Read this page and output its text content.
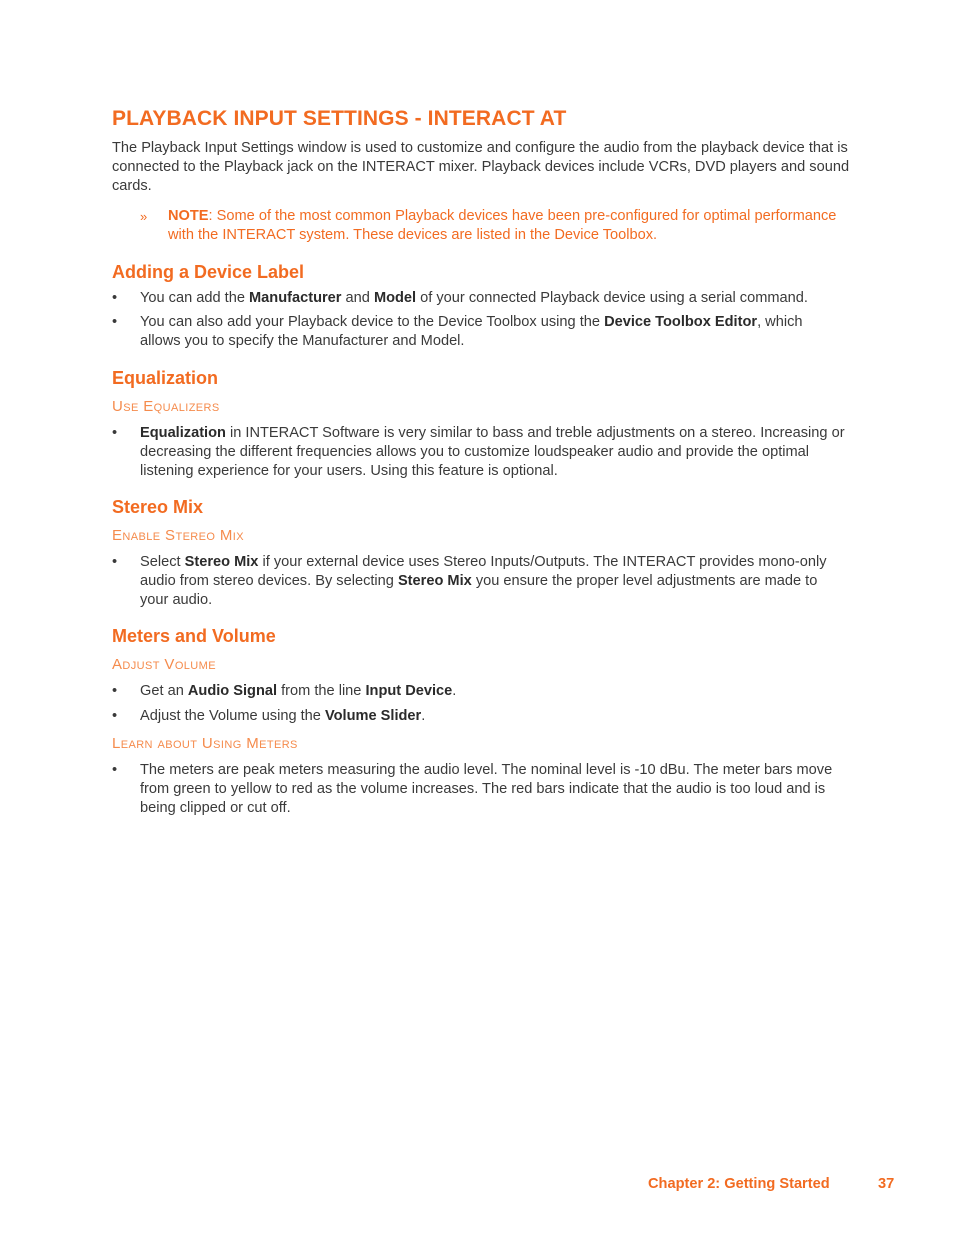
PLAYBACK INPUT SETTINGS - INTERACT AT
The Playback Input Settings window is used to customize and configure the audio from the playback device that is connected to the Playback jack on the INTERACT mixer. Playback devices include VCRs, DVD players and sound cards.
» NOTE: Some of the most common Playback devices have been pre-configured for optimal performance with the INTERACT system. These devices are listed in the Device Toolbox.
Adding a Device Label
• You can add the Manufacturer and Model of your connected Playback device using a serial command.
• You can also add your Playback device to the Device Toolbox using the Device Toolbox Editor, which allows you to specify the Manufacturer and Model.
Equalization
Use Equalizers
• Equalization in INTERACT Software is very similar to bass and treble adjustments on a stereo. Increasing or decreasing the different frequencies allows you to customize loudspeaker audio and provide the optimal listening experience for your users. Using this feature is optional.
Stereo Mix
Enable Stereo Mix
• Select Stereo Mix if your external device uses Stereo Inputs/Outputs. The INTERACT provides mono-only audio from stereo devices. By selecting Stereo Mix you ensure the proper level adjustments are made to your audio.
Meters and Volume
Adjust Volume
• Get an Audio Signal from the line Input Device.
• Adjust the Volume using the Volume Slider.
Learn about Using Meters
• The meters are peak meters measuring the audio level. The nominal level is -10 dBu. The meter bars move from green to yellow to red as the volume increases. The red bars indicate that the audio is too loud and is being clipped or cut off.
Chapter 2: Getting Started	37
